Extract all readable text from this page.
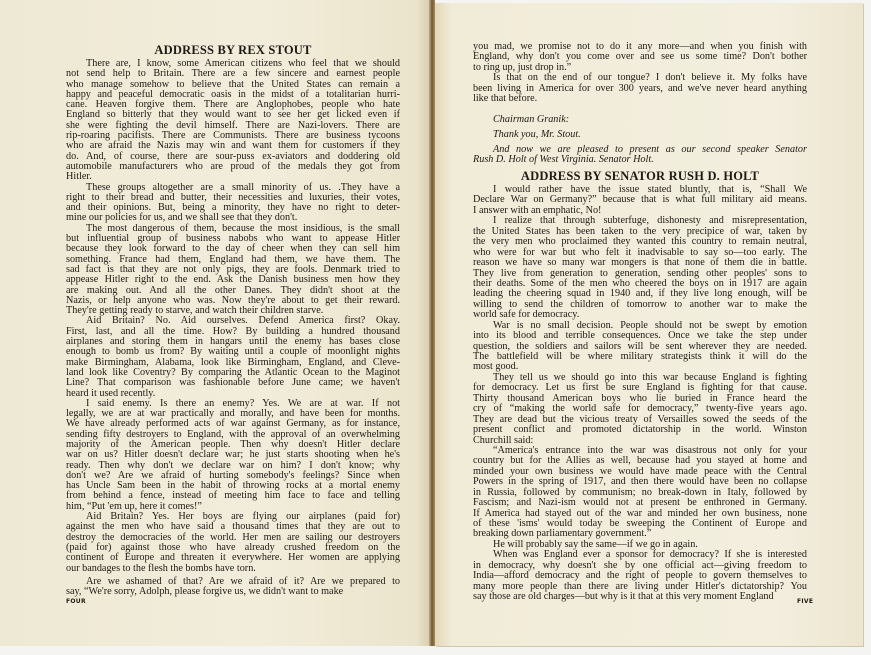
ADDRESS BY REX STOUT
There are, I know, some American citizens who feel that we should
not send help to Britain. There are a few sincere and earnest people
who manage somehow to believe that the United States can remain a
happy and peaceful democratic oasis in the midst of a totalitarian hurri-
cane. Heaven forgive them. There are Anglophobes, people who hate
England so bitterly that they would want to see her get licked even if
she were fighting the devil himself. There are Nazi-lovers. There are
rip-roaring pacifists. There are Communists. There are business tycoons
who are afraid the Nazis may win and want them for customers if they
do. And, of course, there are sour-puss ex-aviators and doddering old
automobile manufacturers who are proud of the medals they got from
Hitler.
These groups altogether are a small minority of us. .They have a
right to their bread and butter, their necessities and luxuries, their votes,
and their opinions. But, being a minority, they have no right to deter-
mine our policies for us, and we shall see that they don't.
The most dangerous of them, because the most insidious, is the small
but influential group of business nabobs who want to appease Hitler
because they look forward to the day of cheer when they can sell him
something. France had them, England had them, we have them. The
sad fact is that they are not only pigs, they are fools. Denmark tried to
appease Hitler right to the end. Ask the Danish business men how they
are making out. And all the other Danes. They didn't shoot at the
Nazis, or help anyone who was. Now they're about to get their reward.
They're getting ready to starve, and watch their children starve.
Aid Britain? No. Aid ourselves. Defend America first? Okay.
First, last, and all the time. How? By building a hundred thousand
airplanes and storing them in hangars until the enemy has bases close
enough to bomb us from? By waiting until a couple of moonlight nights
make Birmingham, Alabama, look like Birmingham, England, and Cleve-
land look like Coventry? By comparing the Atlantic Ocean to the Maginot
Line? That comparison was fashionable before June came; we haven't
heard it used recently.
I said enemy. Is there an enemy? Yes. We are at war. If not
legally, we are at war practically and morally, and have been for months.
We have already performed acts of war against Germany, as for instance,
sending fifty destroyers to England, with the approval of an overwhelming
majority of the American people. Then why doesn't Hitler declare
war on us? Hitler doesn't declare war; he just starts shooting when he's
ready. Then why don't we declare war on him? I don't know; why
don't we? Are we afraid of hurting somebody's feelings? Since when
has Uncle Sam been in the habit of throwing rocks at a mortal enemy
from behind a fence, instead of meeting him face to face and telling
him, “Put 'em up, here it comes!”
Aid Britain? Yes. Her boys are flying our airplanes (paid for)
against the men who have said a thousand times that they are out to
destroy the democracies of the world. Her men are sailing our destroyers
(paid for) against those who have already crushed freedom on the
continent of Europe and threaten it everywhere. Her women are applying
our bandages to the flesh the bombs have torn.
Are we ashamed of that? Are we afraid of it? Are we prepared to
say, “We're sorry, Adolph, please forgive us, we didn't want to make
FOUR
you mad, we promise not to do it any more—and when you finish with
England, why don't you come over and see us some time? Don't bother
to ring up, just drop in.”
Is that on the end of our tongue? I don't believe it. My folks have
been living in America for over 300 years, and we've never heard anything
like that before.
Chairman Granik:
Thank you, Mr. Stout.
And now we are pleased to present as our second speaker Senator
Rush D. Holt of West Virginia. Senator Holt.
ADDRESS BY SENATOR RUSH D. HOLT
I would rather have the issue stated bluntly, that is, “Shall We
Declare War on Germany?” because that is what full military aid means.
I answer with an emphatic, No!
I realize that through subterfuge, dishonesty and misrepresentation,
the United States has been taken to the very precipice of war, taken by
the very men who proclaimed they wanted this country to remain neutral,
who were for war but who felt it inadvisable to say so—too early. The
reason we have so many war mongers is that none of them die in battle.
They live from generation to generation, sending other peoples' sons to
their deaths. Some of the men who cheered the boys on in 1917 are again
leading the cheering squad in 1940 and, if they live long enough, will be
willing to send the children of tomorrow to another war to make the
world safe for democracy.
War is no small decision. People should not be swept by emotion
into its blood and terrible consequences. Once we take the step under
question, the soldiers and sailors will be sent wherever they are needed.
The battlefield will be where military strategists think it will do the
most good.
They tell us we should go into this war because England is fighting
for democracy. Let us first be sure England is fighting for that cause.
Thirty thousand American boys who lie buried in France heard the
cry of “making the world safe for democracy,” twenty-five years ago.
They are dead but the vicious treaty of Versailles sowed the seeds of the
present conflict and promoted dictatorship in the world. Winston
Churchill said:
“America's entrance into the war was disastrous not only for your
country but for the Allies as well, because had you stayed at home and
minded your own business we would have made peace with the Central
Powers in the spring of 1917, and then there would have been no collapse
in Russia, followed by communism; no break-down in Italy, followed by
Fascism; and Nazi-ism would not at present be enthroned in Germany.
If America had stayed out of the war and minded her own business, none
of these 'isms' would today be sweeping the Continent of Europe and
breaking down parliamentary government.”
He will probably say the same—if we go in again.
When was England ever a sponsor for democracy? If she is interested
in democracy, why doesn't she by one official act—giving freedom to
India—afford democracy and the right of people to govern themselves to
many more people than there are living under Hitler's dictatorship? You
say those are old charges—but why is it that at this very moment England	FIVE
